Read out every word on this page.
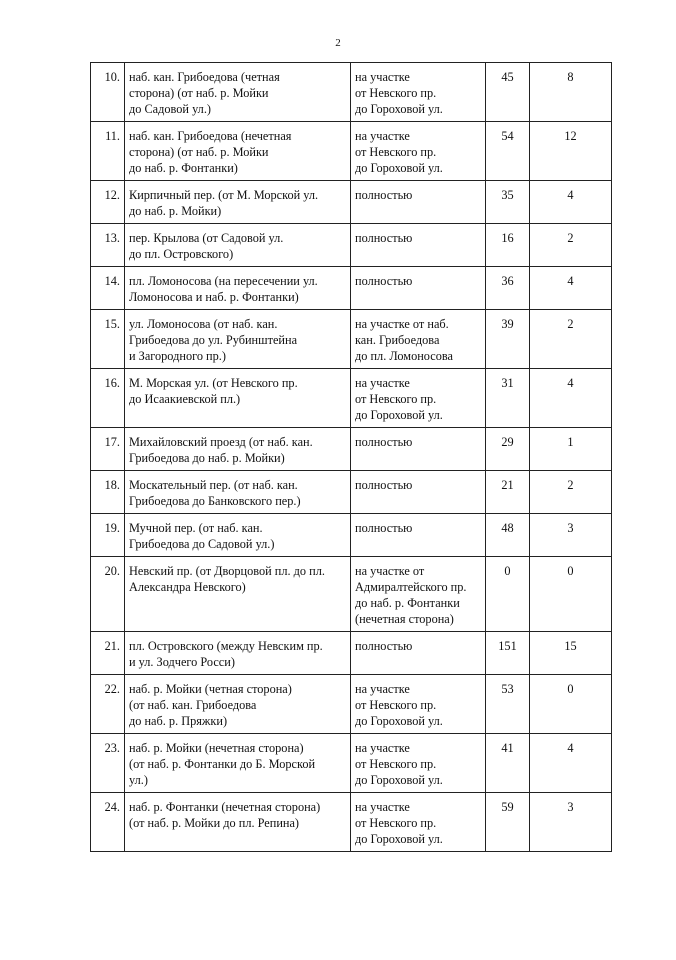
2
10.	наб. кан. Грибоедова (четная
сторона) (от наб. р. Мойки
до Садовой ул.)	на участке
от Невского пр.
до Гороховой ул.	45	8
11.	наб. кан. Грибоедова (нечетная
сторона) (от наб. р. Мойки
до наб. р. Фонтанки)	на участке
от Невского пр.
до Гороховой ул.	54	12
12.	Кирпичный пер. (от М. Морской ул.
до наб. р. Мойки)	полностью	35	4
13.	пер. Крылова (от Садовой ул.
до пл. Островского)	полностью	16	2
14.	пл. Ломоносова (на пересечении ул.
Ломоносова и наб. р. Фонтанки)	полностью	36	4
15.	ул. Ломоносова (от наб. кан.
Грибоедова до ул. Рубинштейна
и Загородного пр.)	на участке от наб.
кан. Грибоедова
до пл. Ломоносова	39	2
16.	М. Морская ул. (от Невского пр.
до Исаакиевской пл.)	на участке
от Невского пр.
до Гороховой ул.	31	4
17.	Михайловский проезд (от наб. кан.
Грибоедова до наб. р. Мойки)	полностью	29	1
18.	Москательный пер. (от наб. кан.
Грибоедова до Банковского пер.)	полностью	21	2
19.	Мучной пер. (от наб. кан.
Грибоедова до Садовой ул.)	полностью	48	3
20.	Невский пр. (от Дворцовой пл. до пл.
Александра Невского)	на участке от
Адмиралтейского пр.
до наб. р. Фонтанки
(нечетная сторона)	0	0
21.	пл. Островского (между Невским пр.
и ул. Зодчего Росси)	полностью	151	15
22.	наб. р. Мойки (четная сторона)
(от наб. кан. Грибоедова
до наб. р. Пряжки)	на участке
от Невского пр.
до Гороховой ул.	53	0
23.	наб. р. Мойки (нечетная сторона)
(от наб. р. Фонтанки до Б. Морской
ул.)	на участке
от Невского пр.
до Гороховой ул.	41	4
24.	наб. р. Фонтанки (нечетная сторона)
(от наб. р. Мойки до пл. Репина)	на участке
от Невского пр.
до Гороховой ул.	59	3
